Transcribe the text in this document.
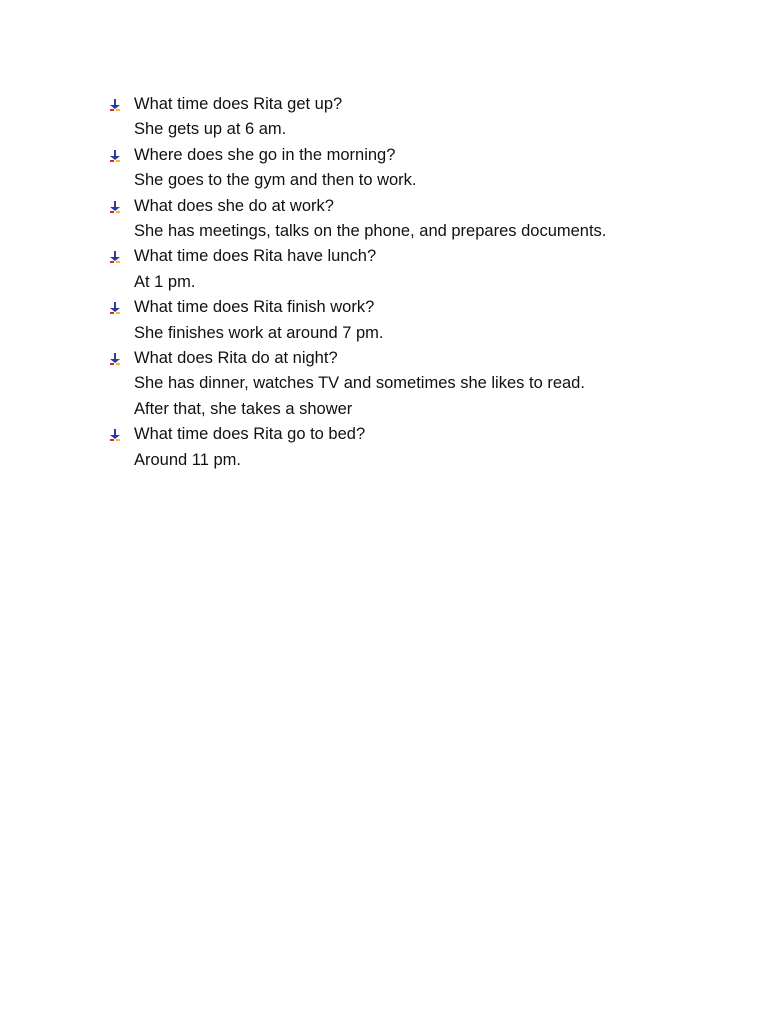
What time does Rita get up?
She gets up at 6 am.
Where does she go in the morning?
She goes to the gym and then to work.
What does she do at work?
She has meetings, talks on the phone, and prepares documents.
What time does Rita have lunch?
At 1 pm.
What time does Rita finish work?
She finishes work at around 7 pm.
What does Rita do at night?
She has dinner, watches TV and sometimes she likes to read.
After that, she takes a shower
What time does Rita go to bed?
Around 11 pm.
